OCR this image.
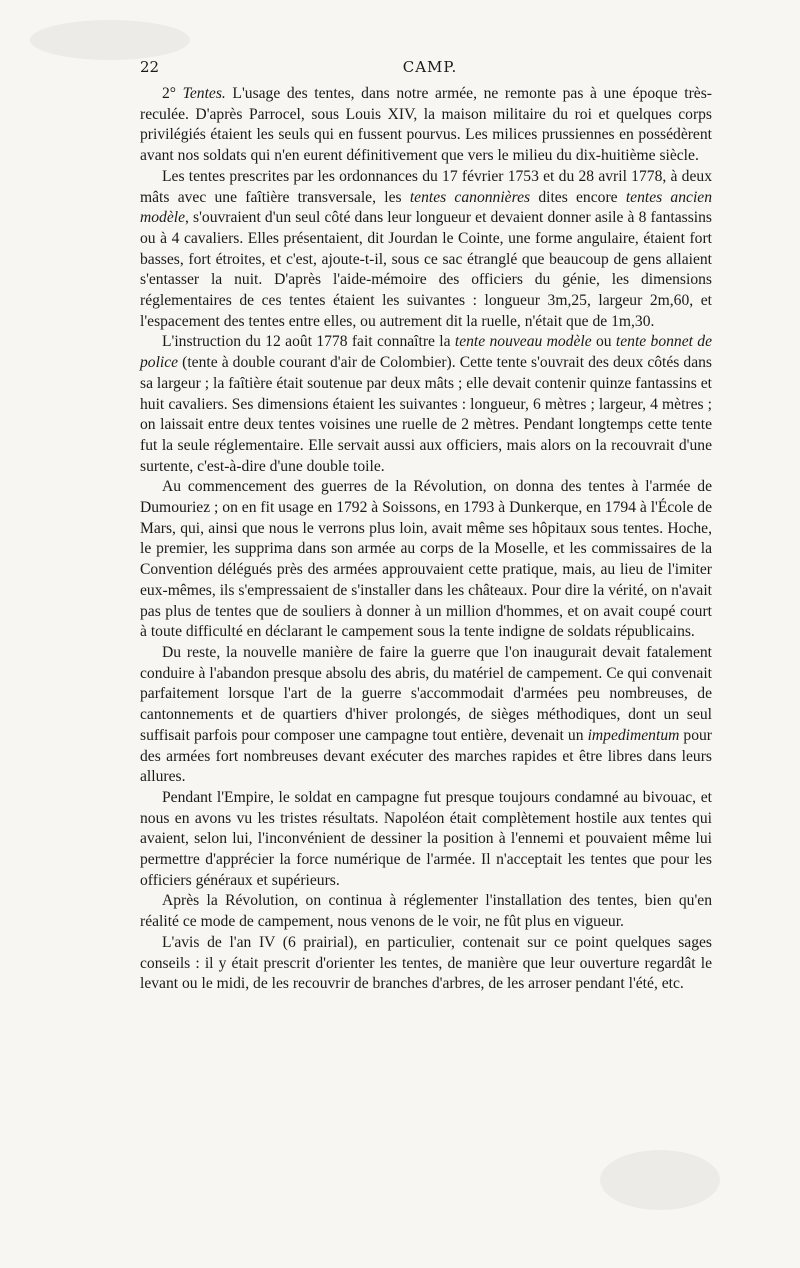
22	CAMP.

2° Tentes. L'usage des tentes, dans notre armée, ne remonte pas à une époque très-reculée. D'après Parrocel, sous Louis XIV, la maison militaire du roi et quelques corps privilégiés étaient les seuls qui en fussent pourvus. Les milices prussiennes en possédèrent avant nos soldats qui n'en eurent définitivement que vers le milieu du dix-huitième siècle.

Les tentes prescrites par les ordonnances du 17 février 1753 et du 28 avril 1778, à deux mâts avec une faîtière transversale, les tentes canonnières dites encore tentes ancien modèle, s'ouvraient d'un seul côté dans leur longueur et devaient donner asile à 8 fantassins ou à 4 cavaliers. Elles présentaient, dit Jourdan le Cointe, une forme angulaire, étaient fort basses, fort étroites, et c'est, ajoute-t-il, sous ce sac étranglé que beaucoup de gens allaient s'entasser la nuit. D'après l'aide-mémoire des officiers du génie, les dimensions réglementaires de ces tentes étaient les suivantes : longueur 3m,25, largeur 2m,60, et l'espacement des tentes entre elles, ou autrement dit la ruelle, n'était que de 1m,30.

L'instruction du 12 août 1778 fait connaître la tente nouveau modèle ou tente bonnet de police (tente à double courant d'air de Colombier). Cette tente s'ouvrait des deux côtés dans sa largeur ; la faîtière était soutenue par deux mâts ; elle devait contenir quinze fantassins et huit cavaliers. Ses dimensions étaient les suivantes : longueur, 6 mètres ; largeur, 4 mètres ; on laissait entre deux tentes voisines une ruelle de 2 mètres. Pendant longtemps cette tente fut la seule réglementaire. Elle servait aussi aux officiers, mais alors on la recouvrait d'une surtente, c'est-à-dire d'une double toile.

Au commencement des guerres de la Révolution, on donna des tentes à l'armée de Dumouriez ; on en fit usage en 1792 à Soissons, en 1793 à Dunkerque, en 1794 à l'École de Mars, qui, ainsi que nous le verrons plus loin, avait même ses hôpitaux sous tentes. Hoche, le premier, les supprima dans son armée au corps de la Moselle, et les commissaires de la Convention délégués près des armées approuvaient cette pratique, mais, au lieu de l'imiter eux-mêmes, ils s'empressaient de s'installer dans les châteaux. Pour dire la vérité, on n'avait pas plus de tentes que de souliers à donner à un million d'hommes, et on avait coupé court à toute difficulté en déclarant le campement sous la tente indigne de soldats républicains.

Du reste, la nouvelle manière de faire la guerre que l'on inaugurait devait fatalement conduire à l'abandon presque absolu des abris, du matériel de campement. Ce qui convenait parfaitement lorsque l'art de la guerre s'accommodait d'armées peu nombreuses, de cantonnements et de quartiers d'hiver prolongés, de sièges méthodiques, dont un seul suffisait parfois pour composer une campagne tout entière, devenait un impedimentum pour des armées fort nombreuses devant exécuter des marches rapides et être libres dans leurs allures.

Pendant l'Empire, le soldat en campagne fut presque toujours condamné au bivouac, et nous en avons vu les tristes résultats. Napoléon était complètement hostile aux tentes qui avaient, selon lui, l'inconvénient de dessiner la position à l'ennemi et pouvaient même lui permettre d'apprécier la force numérique de l'armée. Il n'acceptait les tentes que pour les officiers généraux et supérieurs.

Après la Révolution, on continua à réglementer l'installation des tentes, bien qu'en réalité ce mode de campement, nous venons de le voir, ne fût plus en vigueur.

L'avis de l'an IV (6 prairial), en particulier, contenait sur ce point quelques sages conseils : il y était prescrit d'orienter les tentes, de manière que leur ouverture regardât le levant ou le midi, de les recouvrir de branches d'arbres, de les arroser pendant l'été, etc.
